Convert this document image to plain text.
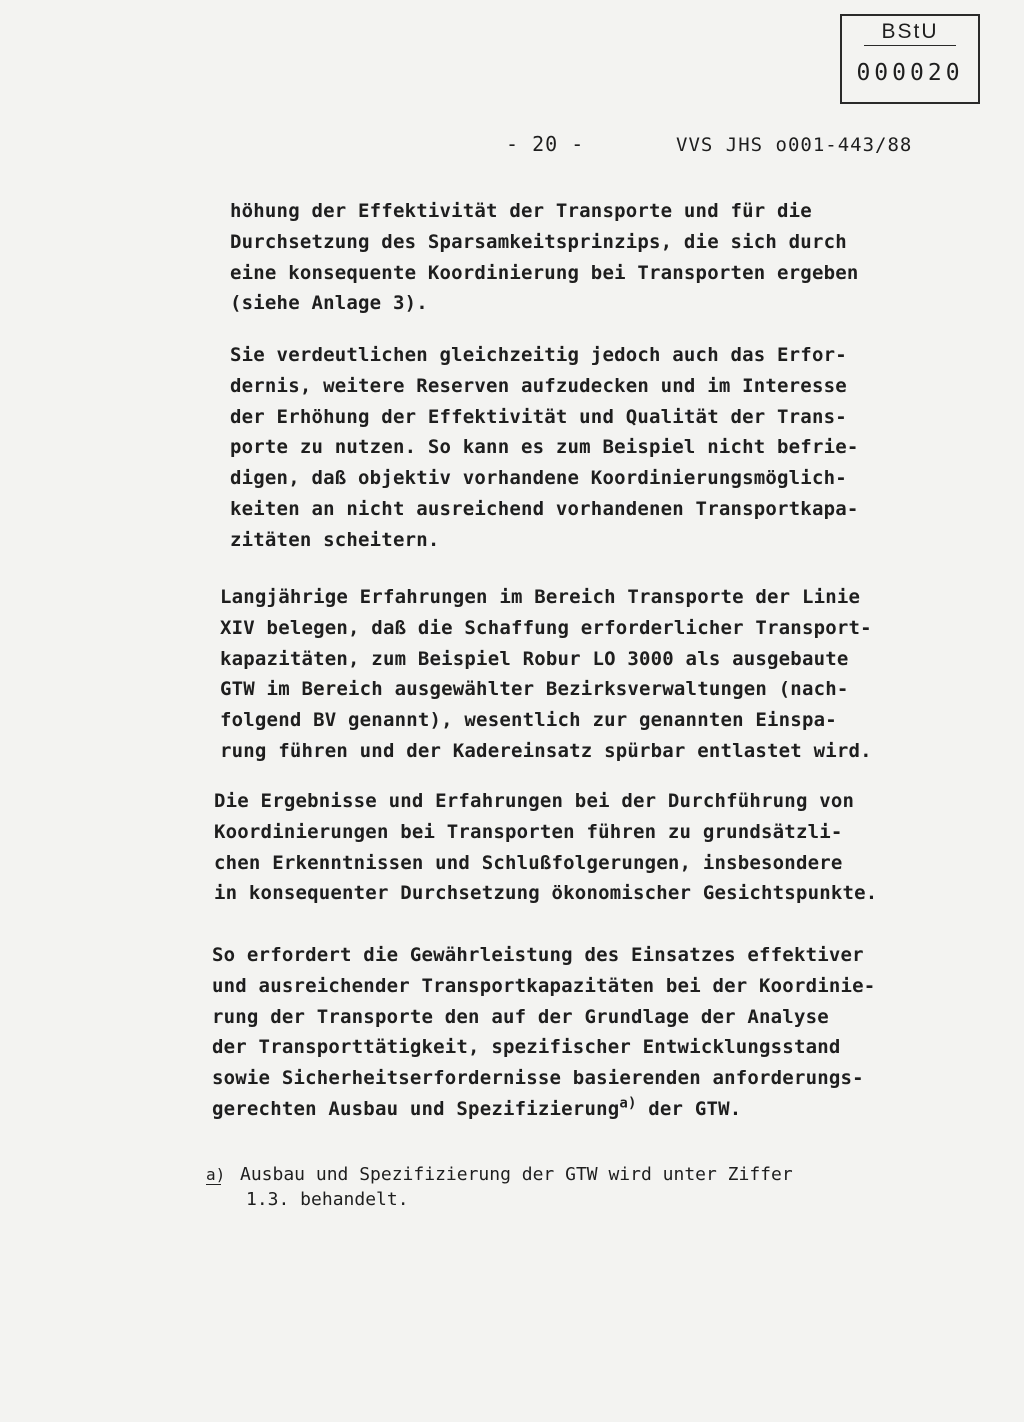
BStU
000020
- 20 -	VVS JHS o001-443/88

höhung der Effektivität der Transporte und für die
Durchsetzung des Sparsamkeitsprinzips, die sich durch
eine konsequente Koordinierung bei Transporten ergeben
(siehe Anlage 3).

Sie verdeutlichen gleichzeitig jedoch auch das Erfor-
dernis, weitere Reserven aufzudecken und im Interesse
der Erhöhung der Effektivität und Qualität der Trans-
porte zu nutzen. So kann es zum Beispiel nicht befrie-
digen, daß objektiv vorhandene Koordinierungsmöglich-
keiten an nicht ausreichend vorhandenen Transportkapa-
zitäten scheitern.

Langjährige Erfahrungen im Bereich Transporte der Linie
XIV belegen, daß die Schaffung erforderlicher Transport-
kapazitäten, zum Beispiel Robur LO 3000 als ausgebaute
GTW im Bereich ausgewählter Bezirksverwaltungen (nach-
folgend BV genannt), wesentlich zur genannten Einspa-
rung führen und der Kadereinsatz spürbar entlastet wird.

Die Ergebnisse und Erfahrungen bei der Durchführung von
Koordinierungen bei Transporten führen zu grundsätzli-
chen Erkenntnissen und Schlußfolgerungen, insbesondere
in konsequenter Durchsetzung ökonomischer Gesichtspunkte.

So erfordert die Gewährleistung des Einsatzes effektiver
und ausreichender Transportkapazitäten bei der Koordinie-
rung der Transporte den auf der Grundlage der Analyse
der Transporttätigkeit, spezifischer Entwicklungsstand
sowie Sicherheitserfordernisse basierenden anforderungs-
gerechten Ausbau und Spezifizierung$^{a)}$ der GTW.

a) Ausbau und Spezifizierung der GTW wird unter Ziffer
1.3. behandelt.
